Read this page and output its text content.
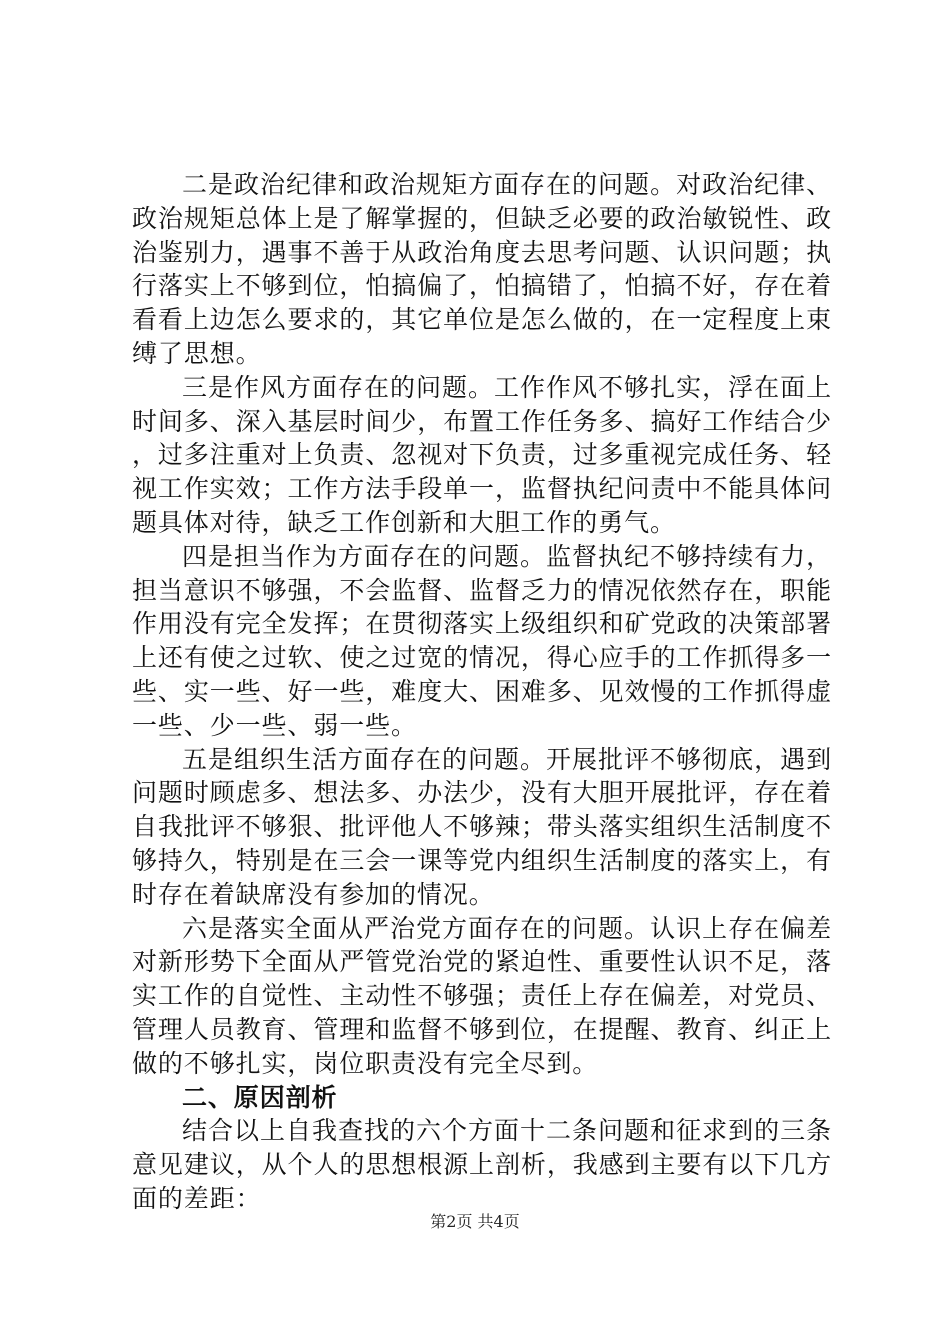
二是政治纪律和政治规矩方面存在的问题。对政治纪律、政治规矩总体上是了解掌握的，但缺乏必要的政治敏锐性、政治鉴别力，遇事不善于从政治角度去思考问题、认识问题；执行落实上不够到位，怕搞偏了，怕搞错了，怕搞不好，存在着看看上边怎么要求的，其它单位是怎么做的，在一定程度上束缚了思想。

三是作风方面存在的问题。工作作风不够扎实，浮在面上时间多、深入基层时间少，布置工作任务多、搞好工作结合少，过多注重对上负责、忽视对下负责，过多重视完成任务、轻视工作实效；工作方法手段单一，监督执纪问责中不能具体问题具体对待，缺乏工作创新和大胆工作的勇气。

四是担当作为方面存在的问题。监督执纪不够持续有力，担当意识不够强，不会监督、监督乏力的情况依然存在，职能作用没有完全发挥；在贯彻落实上级组织和矿党政的决策部署上还有使之过软、使之过宽的情况，得心应手的工作抓得多一些、实一些、好一些，难度大、困难多、见效慢的工作抓得虚一些、少一些、弱一些。

五是组织生活方面存在的问题。开展批评不够彻底，遇到问题时顾虑多、想法多、办法少，没有大胆开展批评，存在着自我批评不够狠、批评他人不够辣；带头落实组织生活制度不够持久，特别是在三会一课等党内组织生活制度的落实上，有时存在着缺席没有参加的情况。

六是落实全面从严治党方面存在的问题。认识上存在偏差对新形势下全面从严管党治党的紧迫性、重要性认识不足，落实工作的自觉性、主动性不够强；责任上存在偏差，对党员、管理人员教育、管理和监督不够到位，在提醒、教育、纠正上做的不够扎实，岗位职责没有完全尽到。

二、原因剖析

结合以上自我查找的六个方面十二条问题和征求到的三条意见建议，从个人的思想根源上剖析，我感到主要有以下几方面的差距：

第2页 共4页
